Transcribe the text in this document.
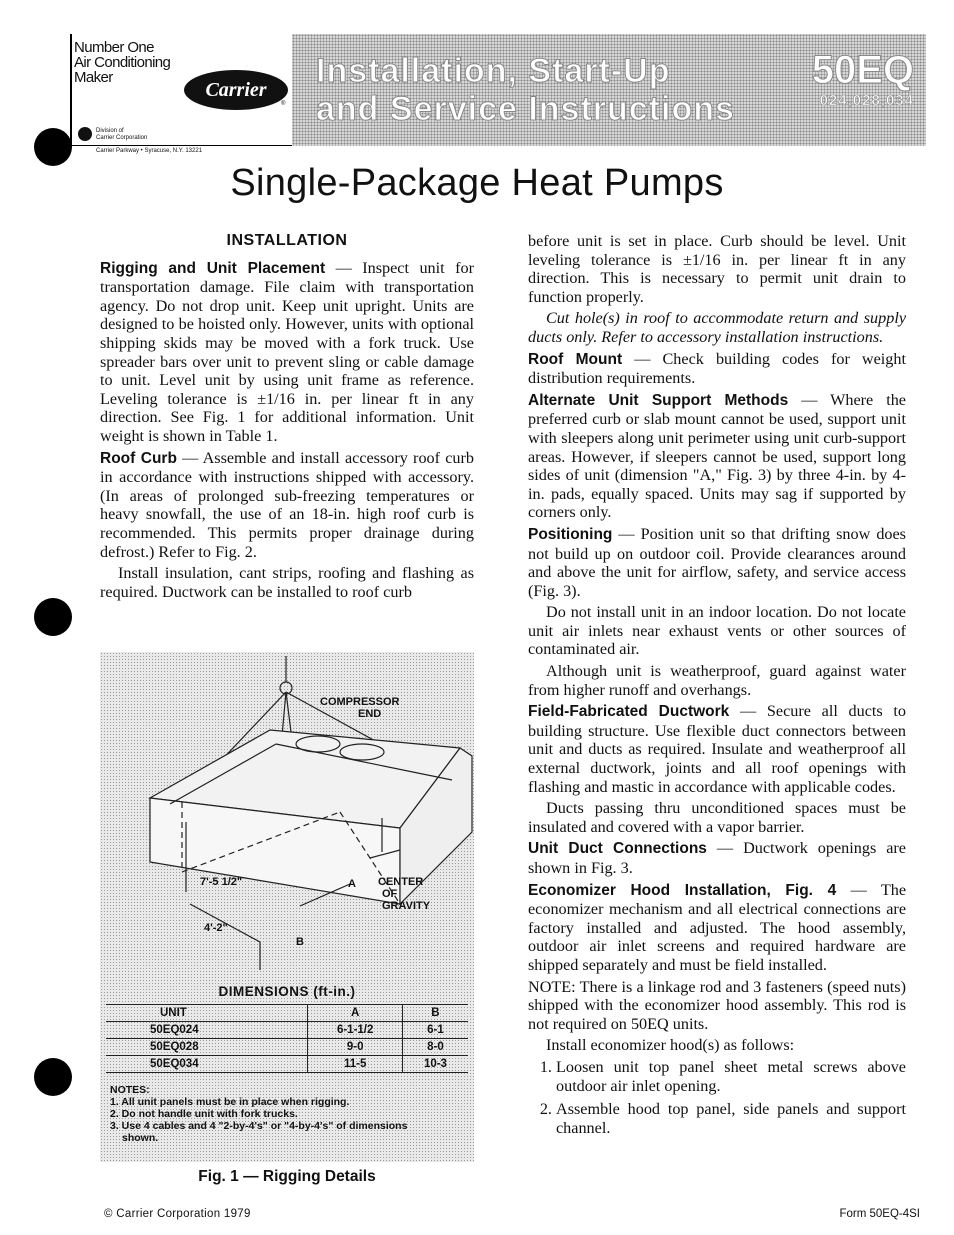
Number One
Air Conditioning
Maker
Carrier
®
Division of
Carrier Corporation
Carrier Parkway • Syracuse, N.Y. 13221
Installation, Start-Up
and Service Instructions
50EQ
024,028,034
Single-Package Heat Pumps
INSTALLATION

Rigging and Unit Placement — Inspect unit for transportation damage. File claim with transportation agency. Do not drop unit. Keep unit upright. Units are designed to be hoisted only. However, units with optional shipping skids may be moved with a fork truck. Use spreader bars over unit to prevent sling or cable damage to unit. Level unit by using unit frame as reference. Leveling tolerance is ±1/16 in. per linear ft in any direction. See Fig. 1 for additional information. Unit weight is shown in Table 1.

Roof Curb — Assemble and install accessory roof curb in accordance with instructions shipped with accessory. (In areas of prolonged sub-freezing temperatures or heavy snowfall, the use of an 18-in. high roof curb is recommended. This permits proper drainage during defrost.) Refer to Fig. 2.

Install insulation, cant strips, roofing and flashing as required. Ductwork can be installed to roof curb

COMPRESSOR
END
CENTER
OF
GRAVITY
7'-5 1/2"
4'-2"
A
B
DIMENSIONS (ft-in.)
UNIT	A	B
50EQ024	6-1-1/2	6-1
50EQ028	9-0	8-0
50EQ034	11-5	10-3
NOTES:
1. All unit panels must be in place when rigging.
2. Do not handle unit with fork trucks.
3. Use 4 cables and 4 "2-by-4's" or "4-by-4's" of dimensions
shown.
Fig. 1 — Rigging Details

before unit is set in place. Curb should be level. Unit leveling tolerance is ±1/16 in. per linear ft in any direction. This is necessary to permit unit drain to function properly.

Cut hole(s) in roof to accommodate return and supply ducts only. Refer to accessory installation instructions.

Roof Mount — Check building codes for weight distribution requirements.

Alternate Unit Support Methods — Where the preferred curb or slab mount cannot be used, support unit with sleepers along unit perimeter using unit curb-support areas. However, if sleepers cannot be used, support long sides of unit (dimension "A," Fig. 3) by three 4-in. by 4-in. pads, equally spaced. Units may sag if supported by corners only.

Positioning — Position unit so that drifting snow does not build up on outdoor coil. Provide clearances around and above the unit for airflow, safety, and service access (Fig. 3).

Do not install unit in an indoor location. Do not locate unit air inlets near exhaust vents or other sources of contaminated air.

Although unit is weatherproof, guard against water from higher runoff and overhangs.

Field-Fabricated Ductwork — Secure all ducts to building structure. Use flexible duct connectors between unit and ducts as required. Insulate and weatherproof all external ductwork, joints and all roof openings with flashing and mastic in accordance with applicable codes.

Ducts passing thru unconditioned spaces must be insulated and covered with a vapor barrier.

Unit Duct Connections — Ductwork openings are shown in Fig. 3.

Economizer Hood Installation, Fig. 4 — The economizer mechanism and all electrical connections are factory installed and adjusted. The hood assembly, outdoor air inlet screens and required hardware are shipped separately and must be field installed.

NOTE: There is a linkage rod and 3 fasteners (speed nuts) shipped with the economizer hood assembly. This rod is not required on 50EQ units.

Install economizer hood(s) as follows:

1. Loosen unit top panel sheet metal screws above outdoor air inlet opening.
2. Assemble hood top panel, side panels and support channel.
© Carrier Corporation 1979	Form 50EQ-4SI
